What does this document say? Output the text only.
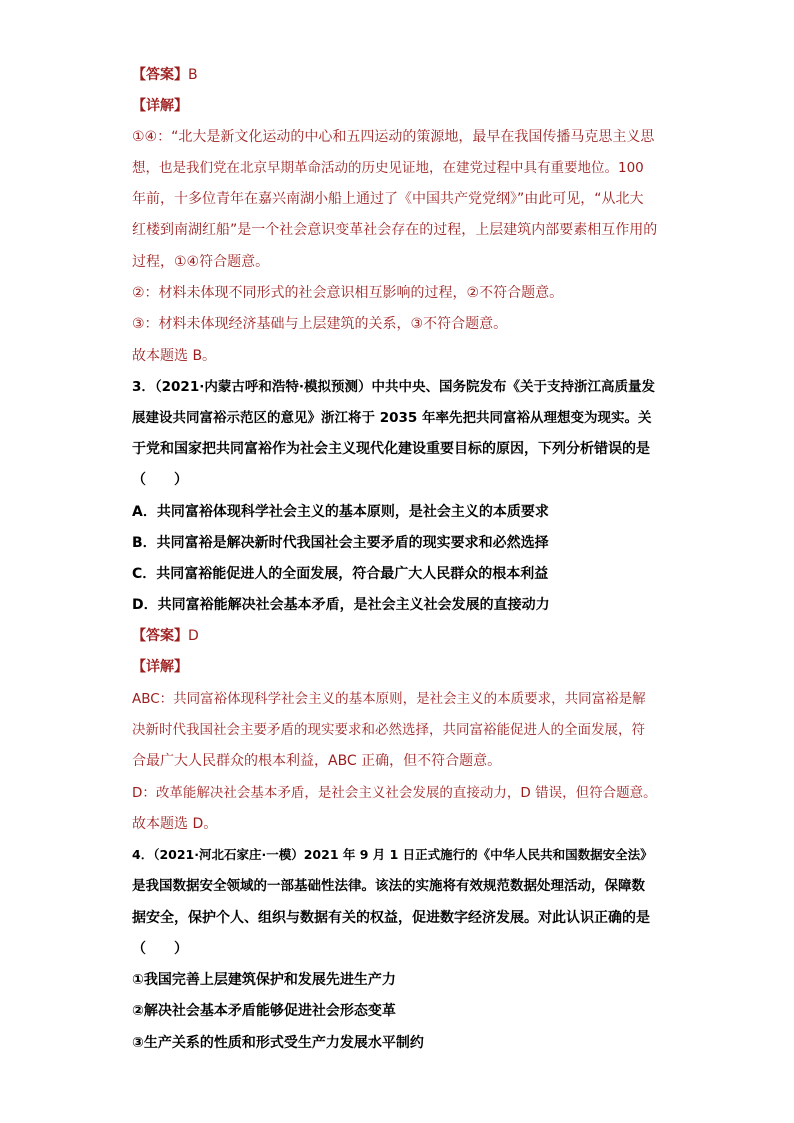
【答案】B
【详解】
①④：“北大是新文化运动的中心和五四运动的策源地，最早在我国传播马克思主义思
想，也是我们党在北京早期革命活动的历史见证地，在建党过程中具有重要地位。100
年前，十多位青年在嘉兴南湖小船上通过了《中国共产党党纲》”由此可见，“从北大
红楼到南湖红船”是一个社会意识变革社会存在的过程，上层建筑内部要素相互作用的
过程，①④符合题意。
②：材料未体现不同形式的社会意识相互影响的过程，②不符合题意。
③：材料未体现经济基础与上层建筑的关系，③不符合题意。
故本题选 B。
3．（2021·内蒙古呼和浩特·模拟预测）中共中央、国务院发布《关于支持浙江高质量发
展建设共同富裕示范区的意见》浙江将于 2035 年率先把共同富裕从理想变为现实。关
于党和国家把共同富裕作为社会主义现代化建设重要目标的原因，下列分析错误的是
（　　）
A．共同富裕体现科学社会主义的基本原则，是社会主义的本质要求
B．共同富裕是解决新时代我国社会主要矛盾的现实要求和必然选择
C．共同富裕能促进人的全面发展，符合最广大人民群众的根本利益
D．共同富裕能解决社会基本矛盾，是社会主义社会发展的直接动力
【答案】D
【详解】
ABC：共同富裕体现科学社会主义的基本原则，是社会主义的本质要求，共同富裕是解
决新时代我国社会主要矛盾的现实要求和必然选择，共同富裕能促进人的全面发展，符
合最广大人民群众的根本利益，ABC 正确，但不符合题意。
D：改革能解决社会基本矛盾，是社会主义社会发展的直接动力，D 错误，但符合题意。
故本题选 D。
4．（2021·河北石家庄·一模）2021 年 9 月 1 日正式施行的《中华人民共和国数据安全法》
是我国数据安全领域的一部基础性法律。该法的实施将有效规范数据处理活动，保障数
据安全，保护个人、组织与数据有关的权益，促进数字经济发展。对此认识正确的是
（　　）
①我国完善上层建筑保护和发展先进生产力
②解决社会基本矛盾能够促进社会形态变革
③生产关系的性质和形式受生产力发展水平制约
